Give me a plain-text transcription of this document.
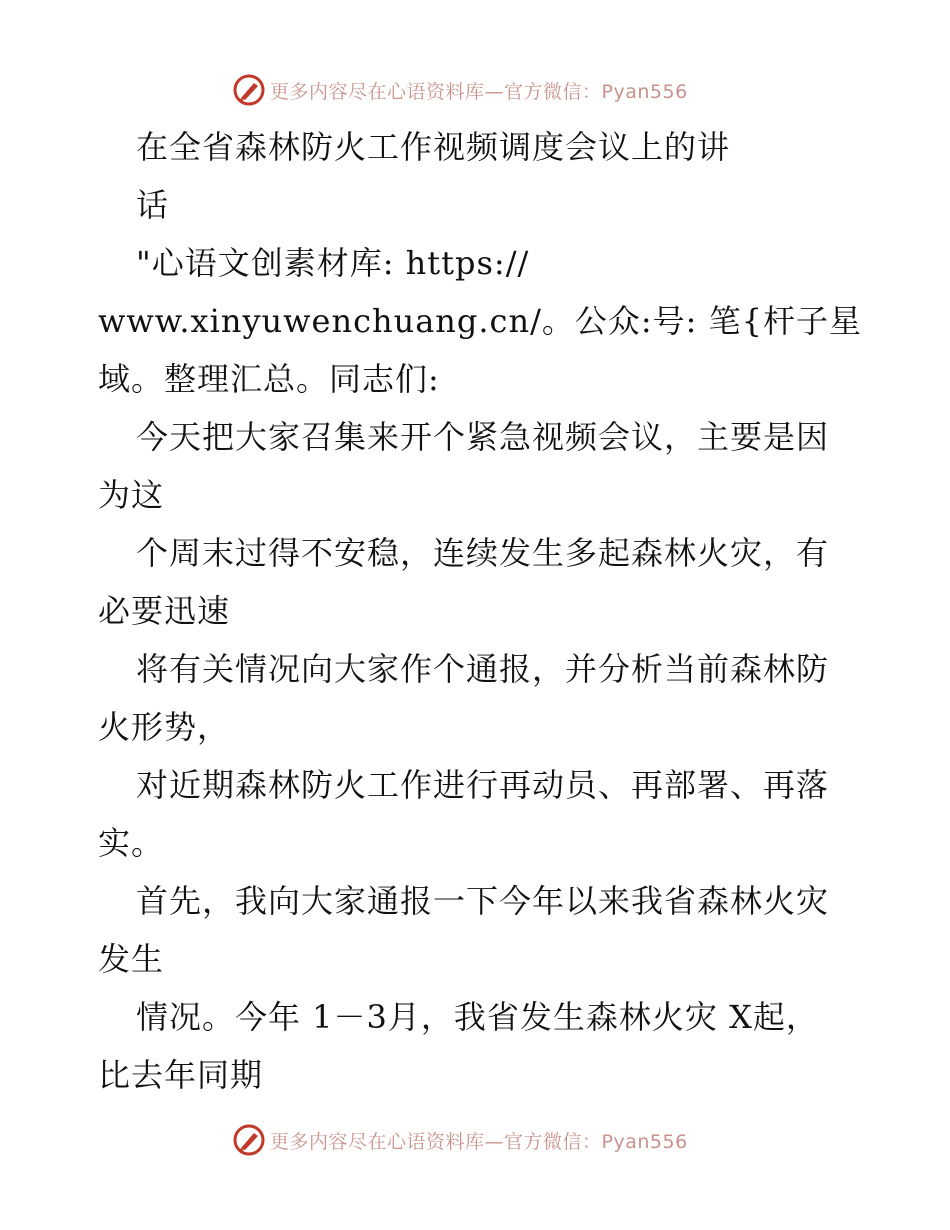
更多内容尽在心语资料库—官方微信：Pyan556
在全省森林防火工作视频调度会议上的讲
话
"心语文创素材库: https://
www.xinyuwenchuang.cn/。公众:号: 笔{杆子星
域。整理汇总。同志们:
今天把大家召集来开个紧急视频会议，主要是因
为这
个周末过得不安稳，连续发生多起森林火灾，有
必要迅速
将有关情况向大家作个通报，并分析当前森林防
火形势，
对近期森林防火工作进行再动员、再部署、再落
实。
首先，我向大家通报一下今年以来我省森林火灾
发生
情况。今年 1－3月，我省发生森林火灾 X起，
比去年同期
更多内容尽在心语资料库—官方微信：Pyan556
